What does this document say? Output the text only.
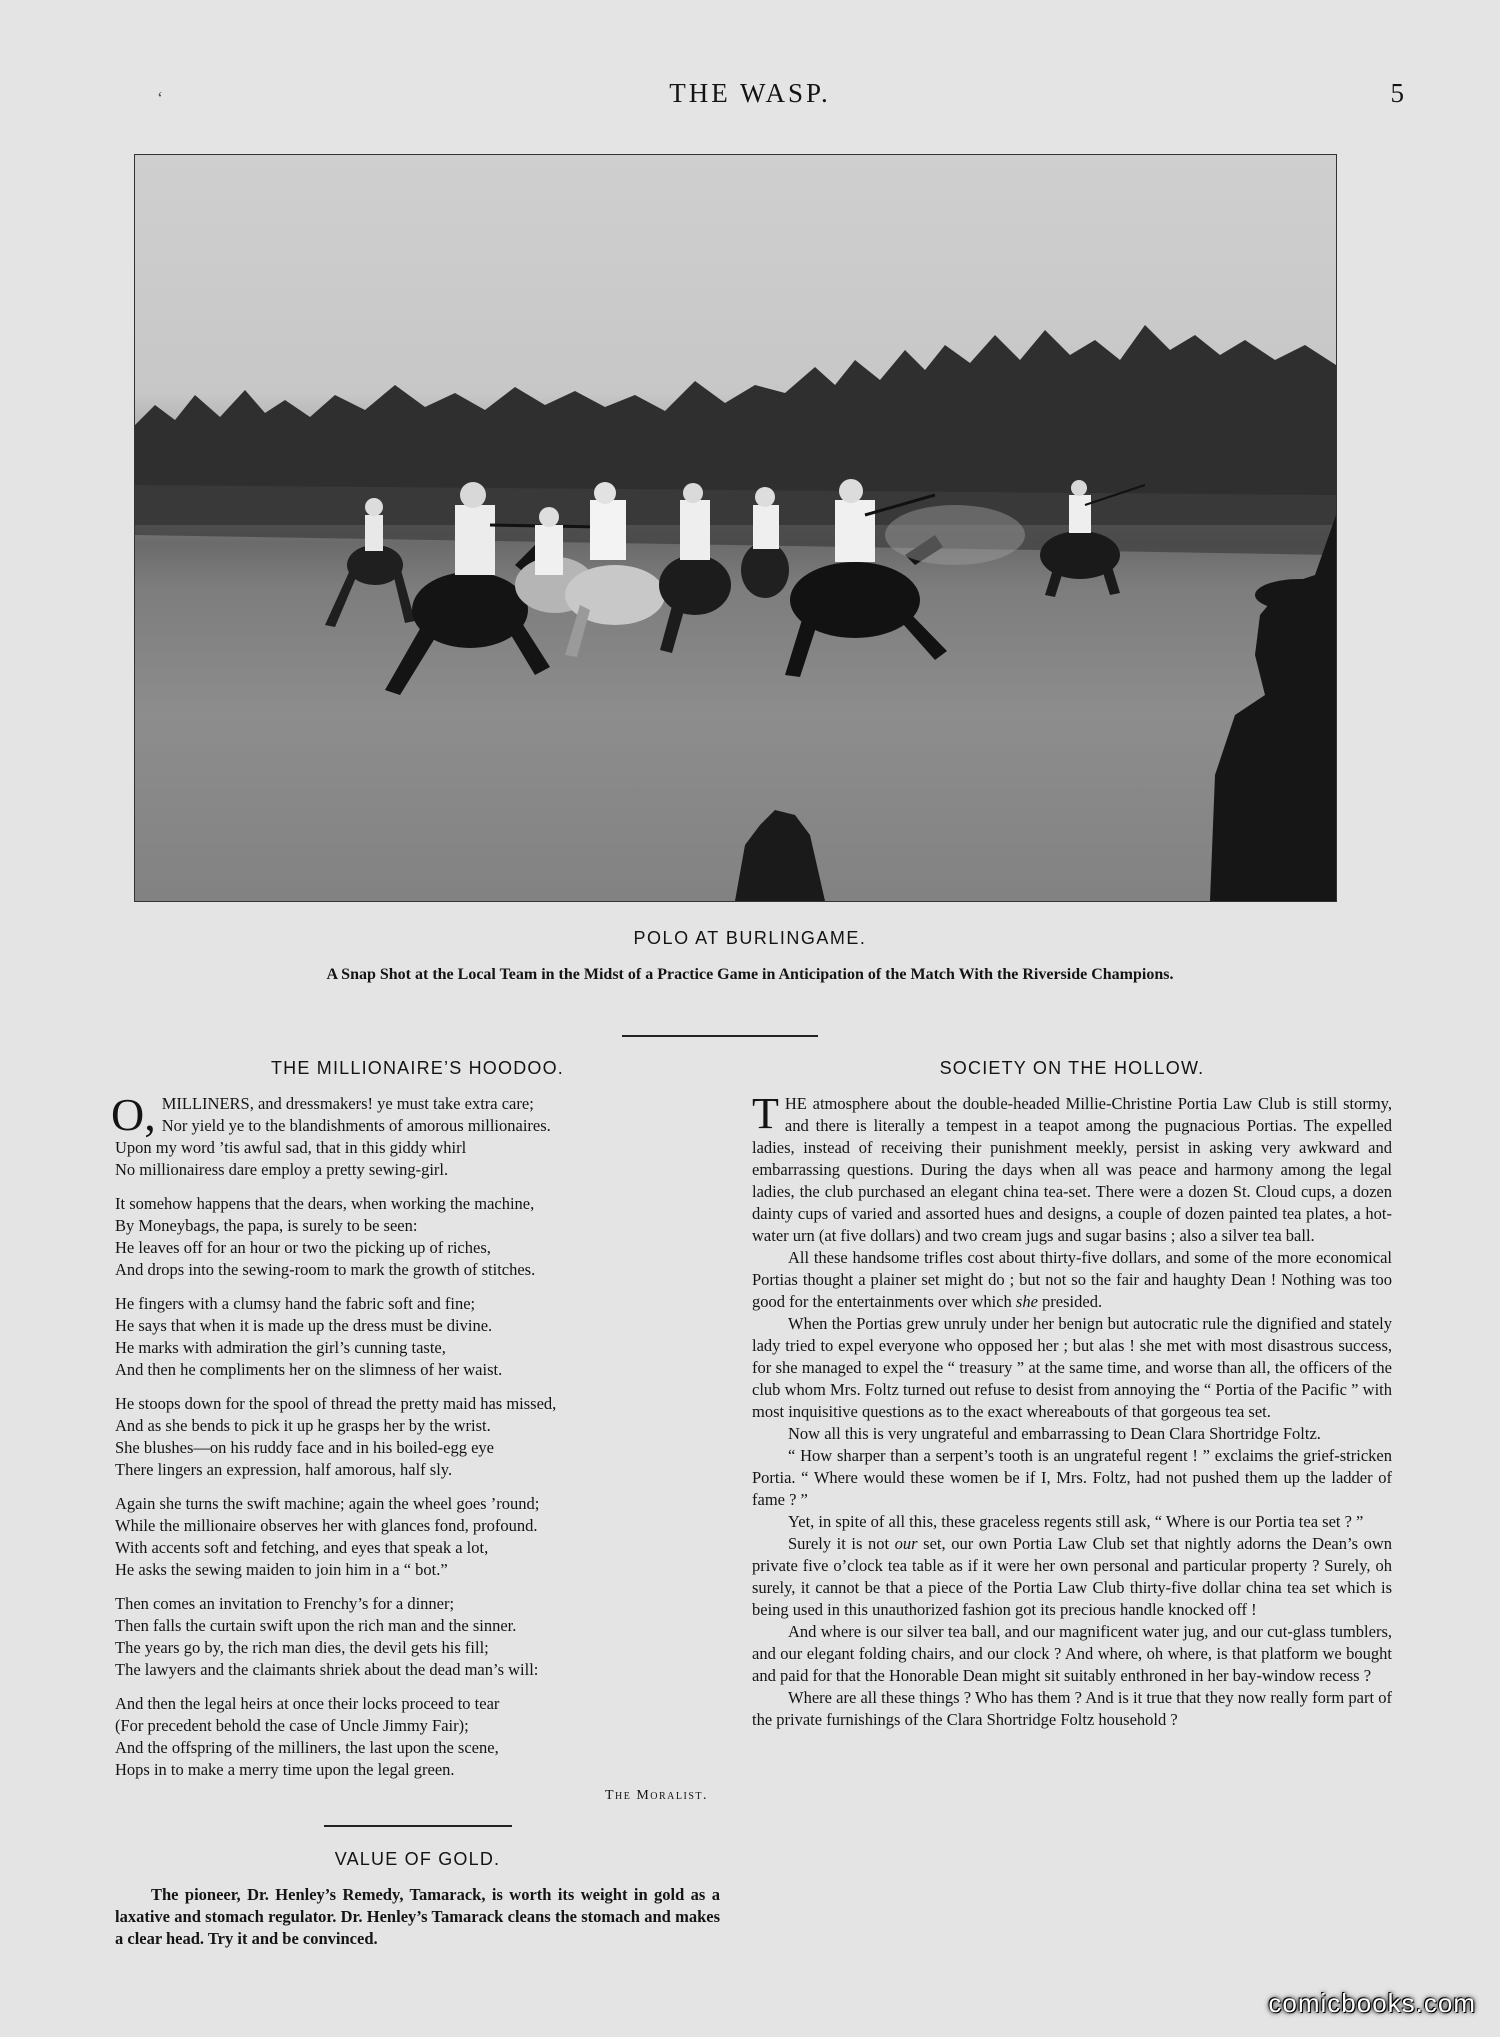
‘	THE WASP.	5
POLO AT BURLINGAME.
A Snap Shot at the Local Team in the Midst of a Practice Game in Anticipation of the Match With the Riverside Champions.
THE MILLIONAIRE’S HOODOO.
O, MILLINERS, and dressmakers! ye must take extra care;
Nor yield ye to the blandishments of amorous millionaires.
Upon my word ’tis awful sad, that in this giddy whirl
No millionairess dare employ a pretty sewing-girl.
It somehow happens that the dears, when working the machine,
By Moneybags, the papa, is surely to be seen:
He leaves off for an hour or two the picking up of riches,
And drops into the sewing-room to mark the growth of stitches.
He fingers with a clumsy hand the fabric soft and fine;
He says that when it is made up the dress must be divine.
He marks with admiration the girl’s cunning taste,
And then he compliments her on the slimness of her waist.
He stoops down for the spool of thread the pretty maid has missed,
And as she bends to pick it up he grasps her by the wrist.
She blushes—on his ruddy face and in his boiled-egg eye
There lingers an expression, half amorous, half sly.
Again she turns the swift machine; again the wheel goes ’round;
While the millionaire observes her with glances fond, profound.
With accents soft and fetching, and eyes that speak a lot,
He asks the sewing maiden to join him in a “ bot.”
Then comes an invitation to Frenchy’s for a dinner;
Then falls the curtain swift upon the rich man and the sinner.
The years go by, the rich man dies, the devil gets his fill;
The lawyers and the claimants shriek about the dead man’s will:
And then the legal heirs at once their locks proceed to tear
(For precedent behold the case of Uncle Jimmy Fair);
And the offspring of the milliners, the last upon the scene,
Hops in to make a merry time upon the legal green.
The Moralist.
VALUE OF GOLD.

The pioneer, Dr. Henley’s Remedy, Tamarack, is worth its weight in gold as a laxative and stomach regulator. Dr. Henley’s Tamarack cleans the stomach and makes a clear head. Try it and be convinced.

SOCIETY ON THE HOLLOW.

THE atmosphere about the double-headed Millie-Christine Portia Law Club is still stormy, and there is literally a tempest in a teapot among the pugnacious Portias. The expelled ladies, instead of receiving their punishment meekly, persist in asking very awkward and embarrassing questions. During the days when all was peace and harmony among the legal ladies, the club purchased an elegant china tea-set. There were a dozen St. Cloud cups, a dozen dainty cups of varied and assorted hues and designs, a couple of dozen painted tea plates, a hot-water urn (at five dollars) and two cream jugs and sugar basins ; also a silver tea ball.

All these handsome trifles cost about thirty-five dollars, and some of the more economical Portias thought a plainer set might do ; but not so the fair and haughty Dean ! Nothing was too good for the entertainments over which she presided.

When the Portias grew unruly under her benign but autocratic rule the dignified and stately lady tried to expel everyone who opposed her ; but alas ! she met with most disastrous success, for she managed to expel the “ treasury ” at the same time, and worse than all, the officers of the club whom Mrs. Foltz turned out refuse to desist from annoying the “ Portia of the Pacific ” with most inquisitive questions as to the exact whereabouts of that gorgeous tea set.

Now all this is very ungrateful and embarrassing to Dean Clara Shortridge Foltz.

“ How sharper than a serpent’s tooth is an ungrateful regent ! ” exclaims the grief-stricken Portia. “ Where would these women be if I, Mrs. Foltz, had not pushed them up the ladder of fame ? ”

Yet, in spite of all this, these graceless regents still ask, “ Where is our Portia tea set ? ”

Surely it is not our set, our own Portia Law Club set that nightly adorns the Dean’s own private five o’clock tea table as if it were her own personal and particular property ? Surely, oh surely, it cannot be that a piece of the Portia Law Club thirty-five dollar china tea set which is being used in this unauthorized fashion got its precious handle knocked off !

And where is our silver tea ball, and our magnificent water jug, and our cut-glass tumblers, and our elegant folding chairs, and our clock ? And where, oh where, is that platform we bought and paid for that the Honorable Dean might sit suitably enthroned in her bay-window recess ?

Where are all these things ? Who has them ? And is it true that they now really form part of the private furnishings of the Clara Shortridge Foltz household ?

comicbooks.com
